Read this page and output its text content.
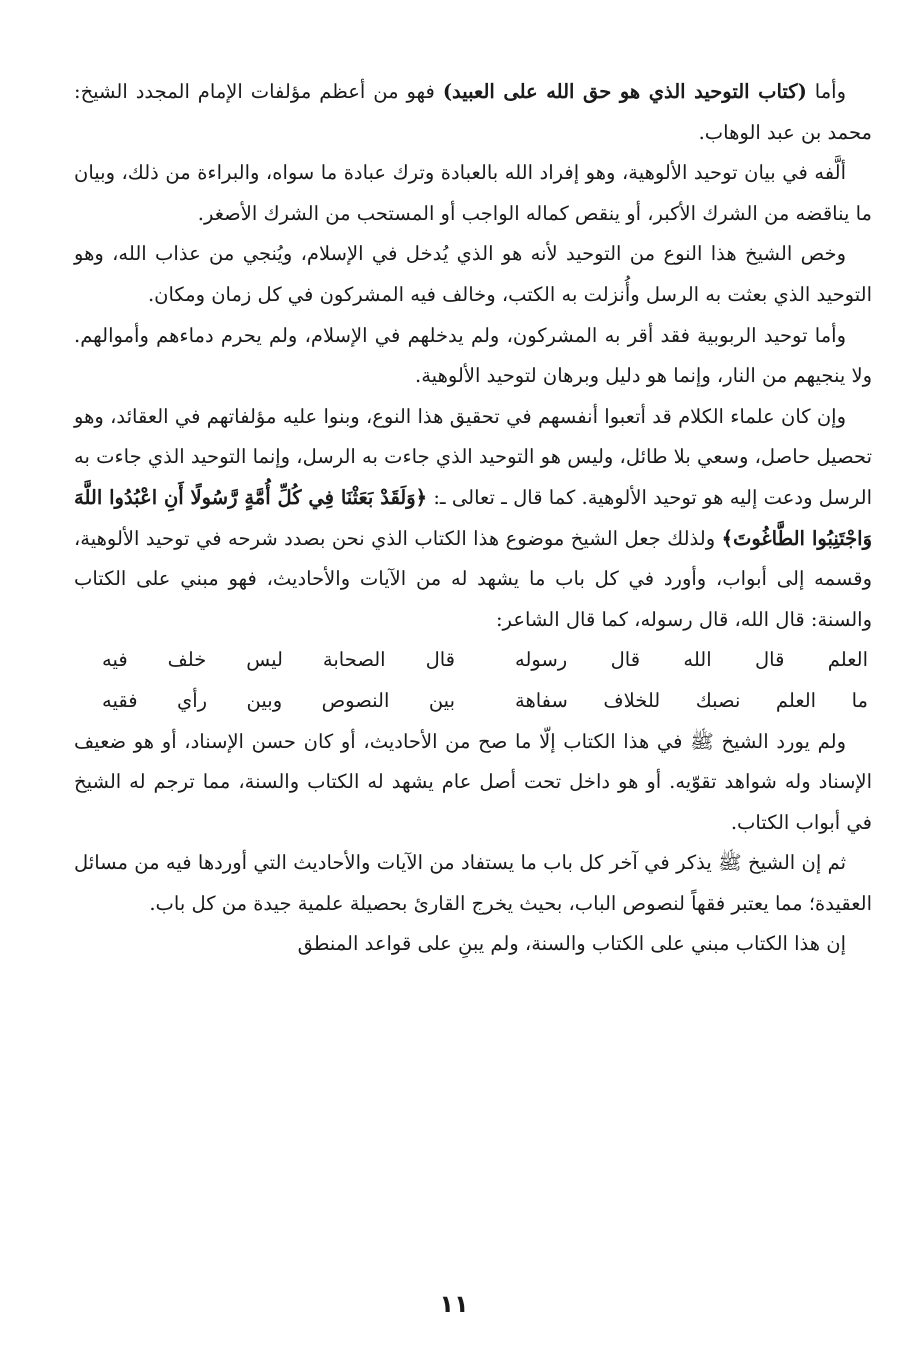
وأما (كتاب التوحيد الذي هو حق الله على العبيد) فهو من أعظم مؤلفات الإمام المجدد الشيخ: محمد بن عبد الوهاب.

ألَّفه في بيان توحيد الألوهية، وهو إفراد الله بالعبادة وترك عبادة ما سواه، والبراءة من ذلك، وبيان ما يناقضه من الشرك الأكبر، أو ينقص كماله الواجب أو المستحب من الشرك الأصغر.

وخص الشيخ هذا النوع من التوحيد لأنه هو الذي يُدخل في الإسلام، ويُنجي من عذاب الله، وهو التوحيد الذي بعثت به الرسل وأُنزلت به الكتب، وخالف فيه المشركون في كل زمان ومكان.

وأما توحيد الربوبية فقد أقر به المشركون، ولم يدخلهم في الإسلام، ولم يحرم دماءهم وأموالهم. ولا ينجيهم من النار، وإنما هو دليل وبرهان لتوحيد الألوهية.

وإن كان علماء الكلام قد أتعبوا أنفسهم في تحقيق هذا النوع، وبنوا عليه مؤلفاتهم في العقائد، وهو تحصيل حاصل، وسعي بلا طائل، وليس هو التوحيد الذي جاءت به الرسل، وإنما التوحيد الذي جاءت به الرسل ودعت إليه هو توحيد الألوهية. كما قال ـ تعالى ـ: ﴿وَلَقَدْ بَعَثْنَا فِي كُلِّ أُمَّةٍ رَّسُولًا أَنِ اعْبُدُوا اللَّهَ وَاجْتَنِبُوا الطَّاغُوتَ﴾ ولذلك جعل الشيخ موضوع هذا الكتاب الذي نحن بصدد شرحه في توحيد الألوهية، وقسمه إلى أبواب، وأورد في كل باب ما يشهد له من الآيات والأحاديث، فهو مبني على الكتاب والسنة: قال الله، قال رسوله، كما قال الشاعر:

العلم قال الله قال رسوله
قال الصحابة ليس خلف فيه
ما العلم نصبك للخلاف سفاهة
بين النصوص وبين رأي فقيه

ولم يورد الشيخ ﷺ في هذا الكتاب إلّا ما صح من الأحاديث، أو كان حسن الإسناد، أو هو ضعيف الإسناد وله شواهد تقوّيه. أو هو داخل تحت أصل عام يشهد له الكتاب والسنة، مما ترجم له الشيخ في أبواب الكتاب.

ثم إن الشيخ ﷺ يذكر في آخر كل باب ما يستفاد من الآيات والأحاديث التي أوردها فيه من مسائل العقيدة؛ مما يعتبر فقهاً لنصوص الباب، بحيث يخرج القارئ بحصيلة علمية جيدة من كل باب.

إن هذا الكتاب مبني على الكتاب والسنة، ولم يبنِ على قواعد المنطق

١١
